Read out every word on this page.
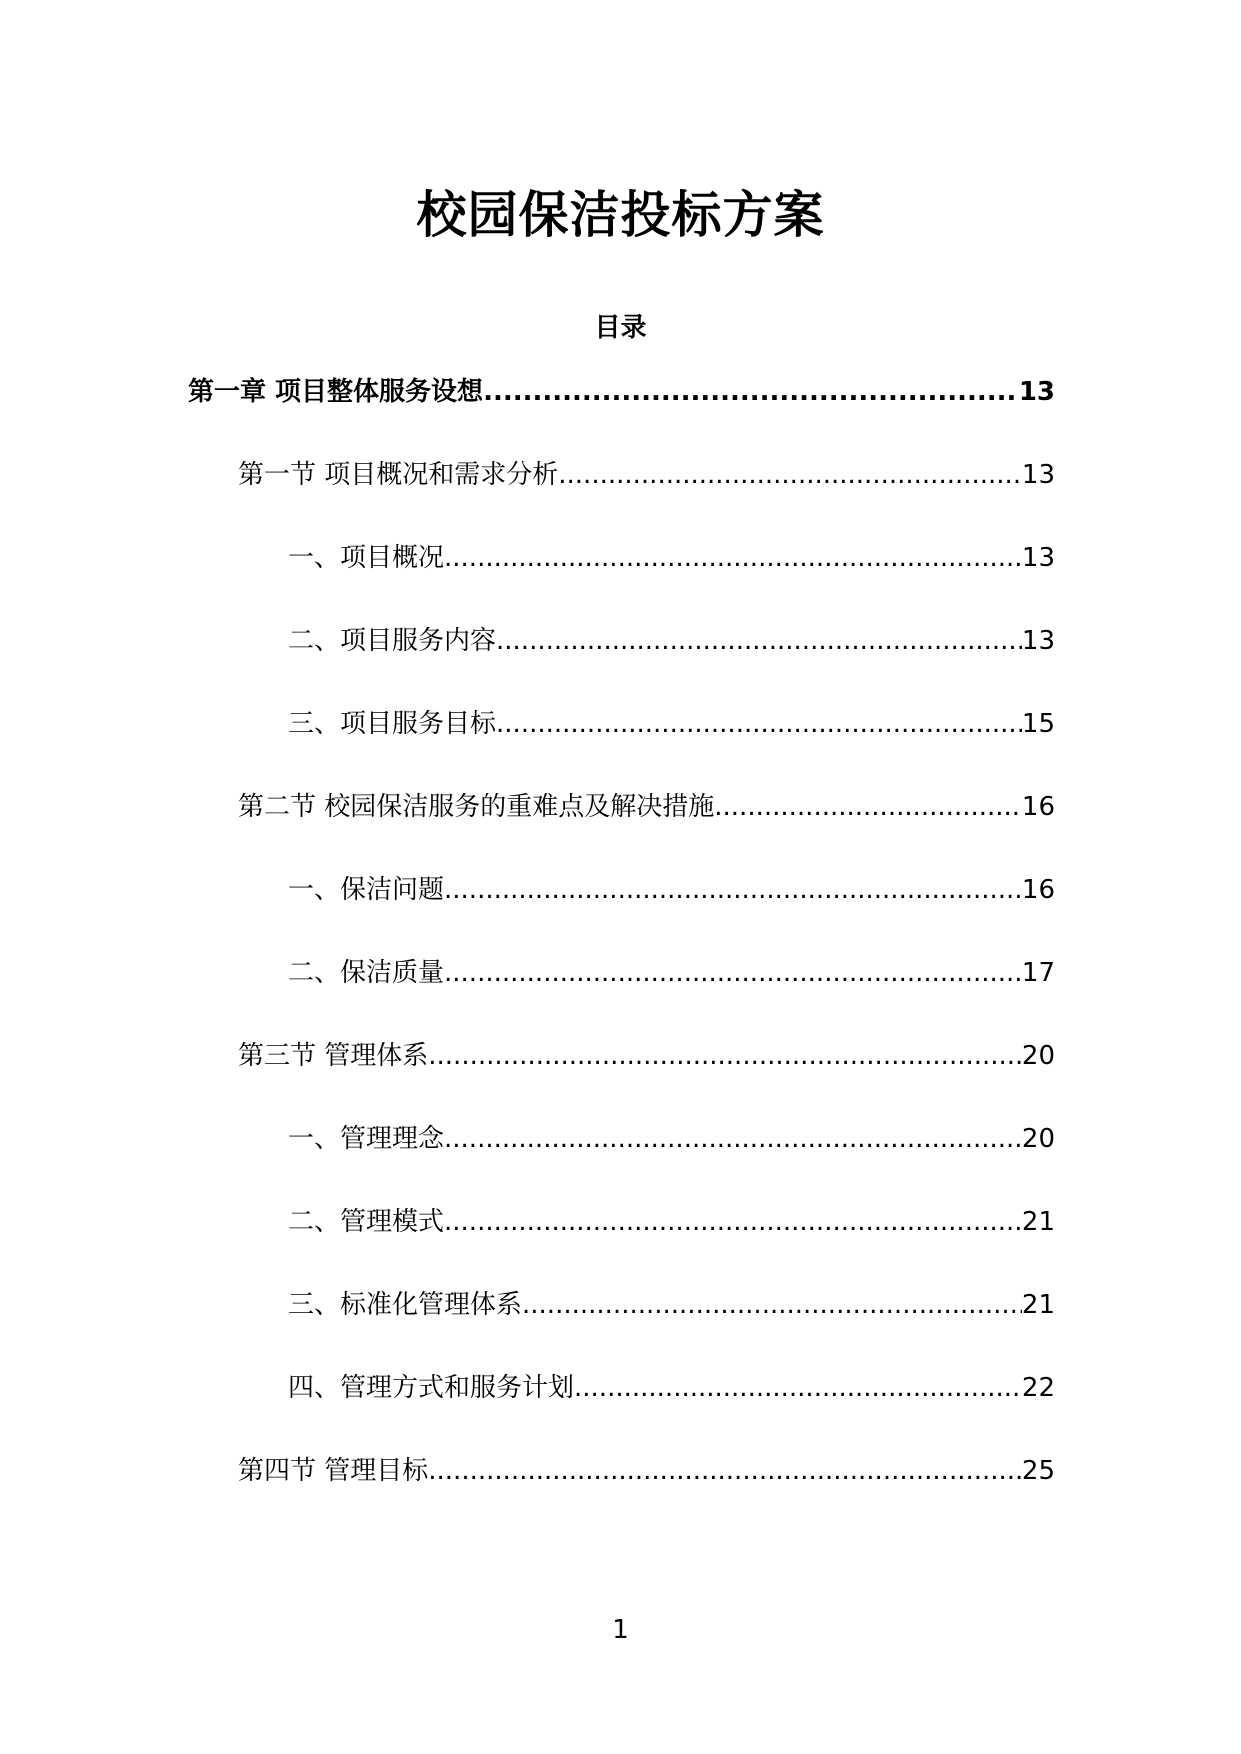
校园保洁投标方案
目录
第一章 项目整体服务设想 .....	13
第一节 项目概况和需求分析 .....	13
一、项目概况 .....	13
二、项目服务内容 .....	13
三、项目服务目标 .....	15
第二节 校园保洁服务的重难点及解决措施 .....	16
一、保洁问题 .....	16
二、保洁质量 .....	17
第三节 管理体系 .....	20
一、管理理念 .....	20
二、管理模式 .....	21
三、标准化管理体系 .....	21
四、管理方式和服务计划 .....	22
第四节 管理目标 .....	25
1
